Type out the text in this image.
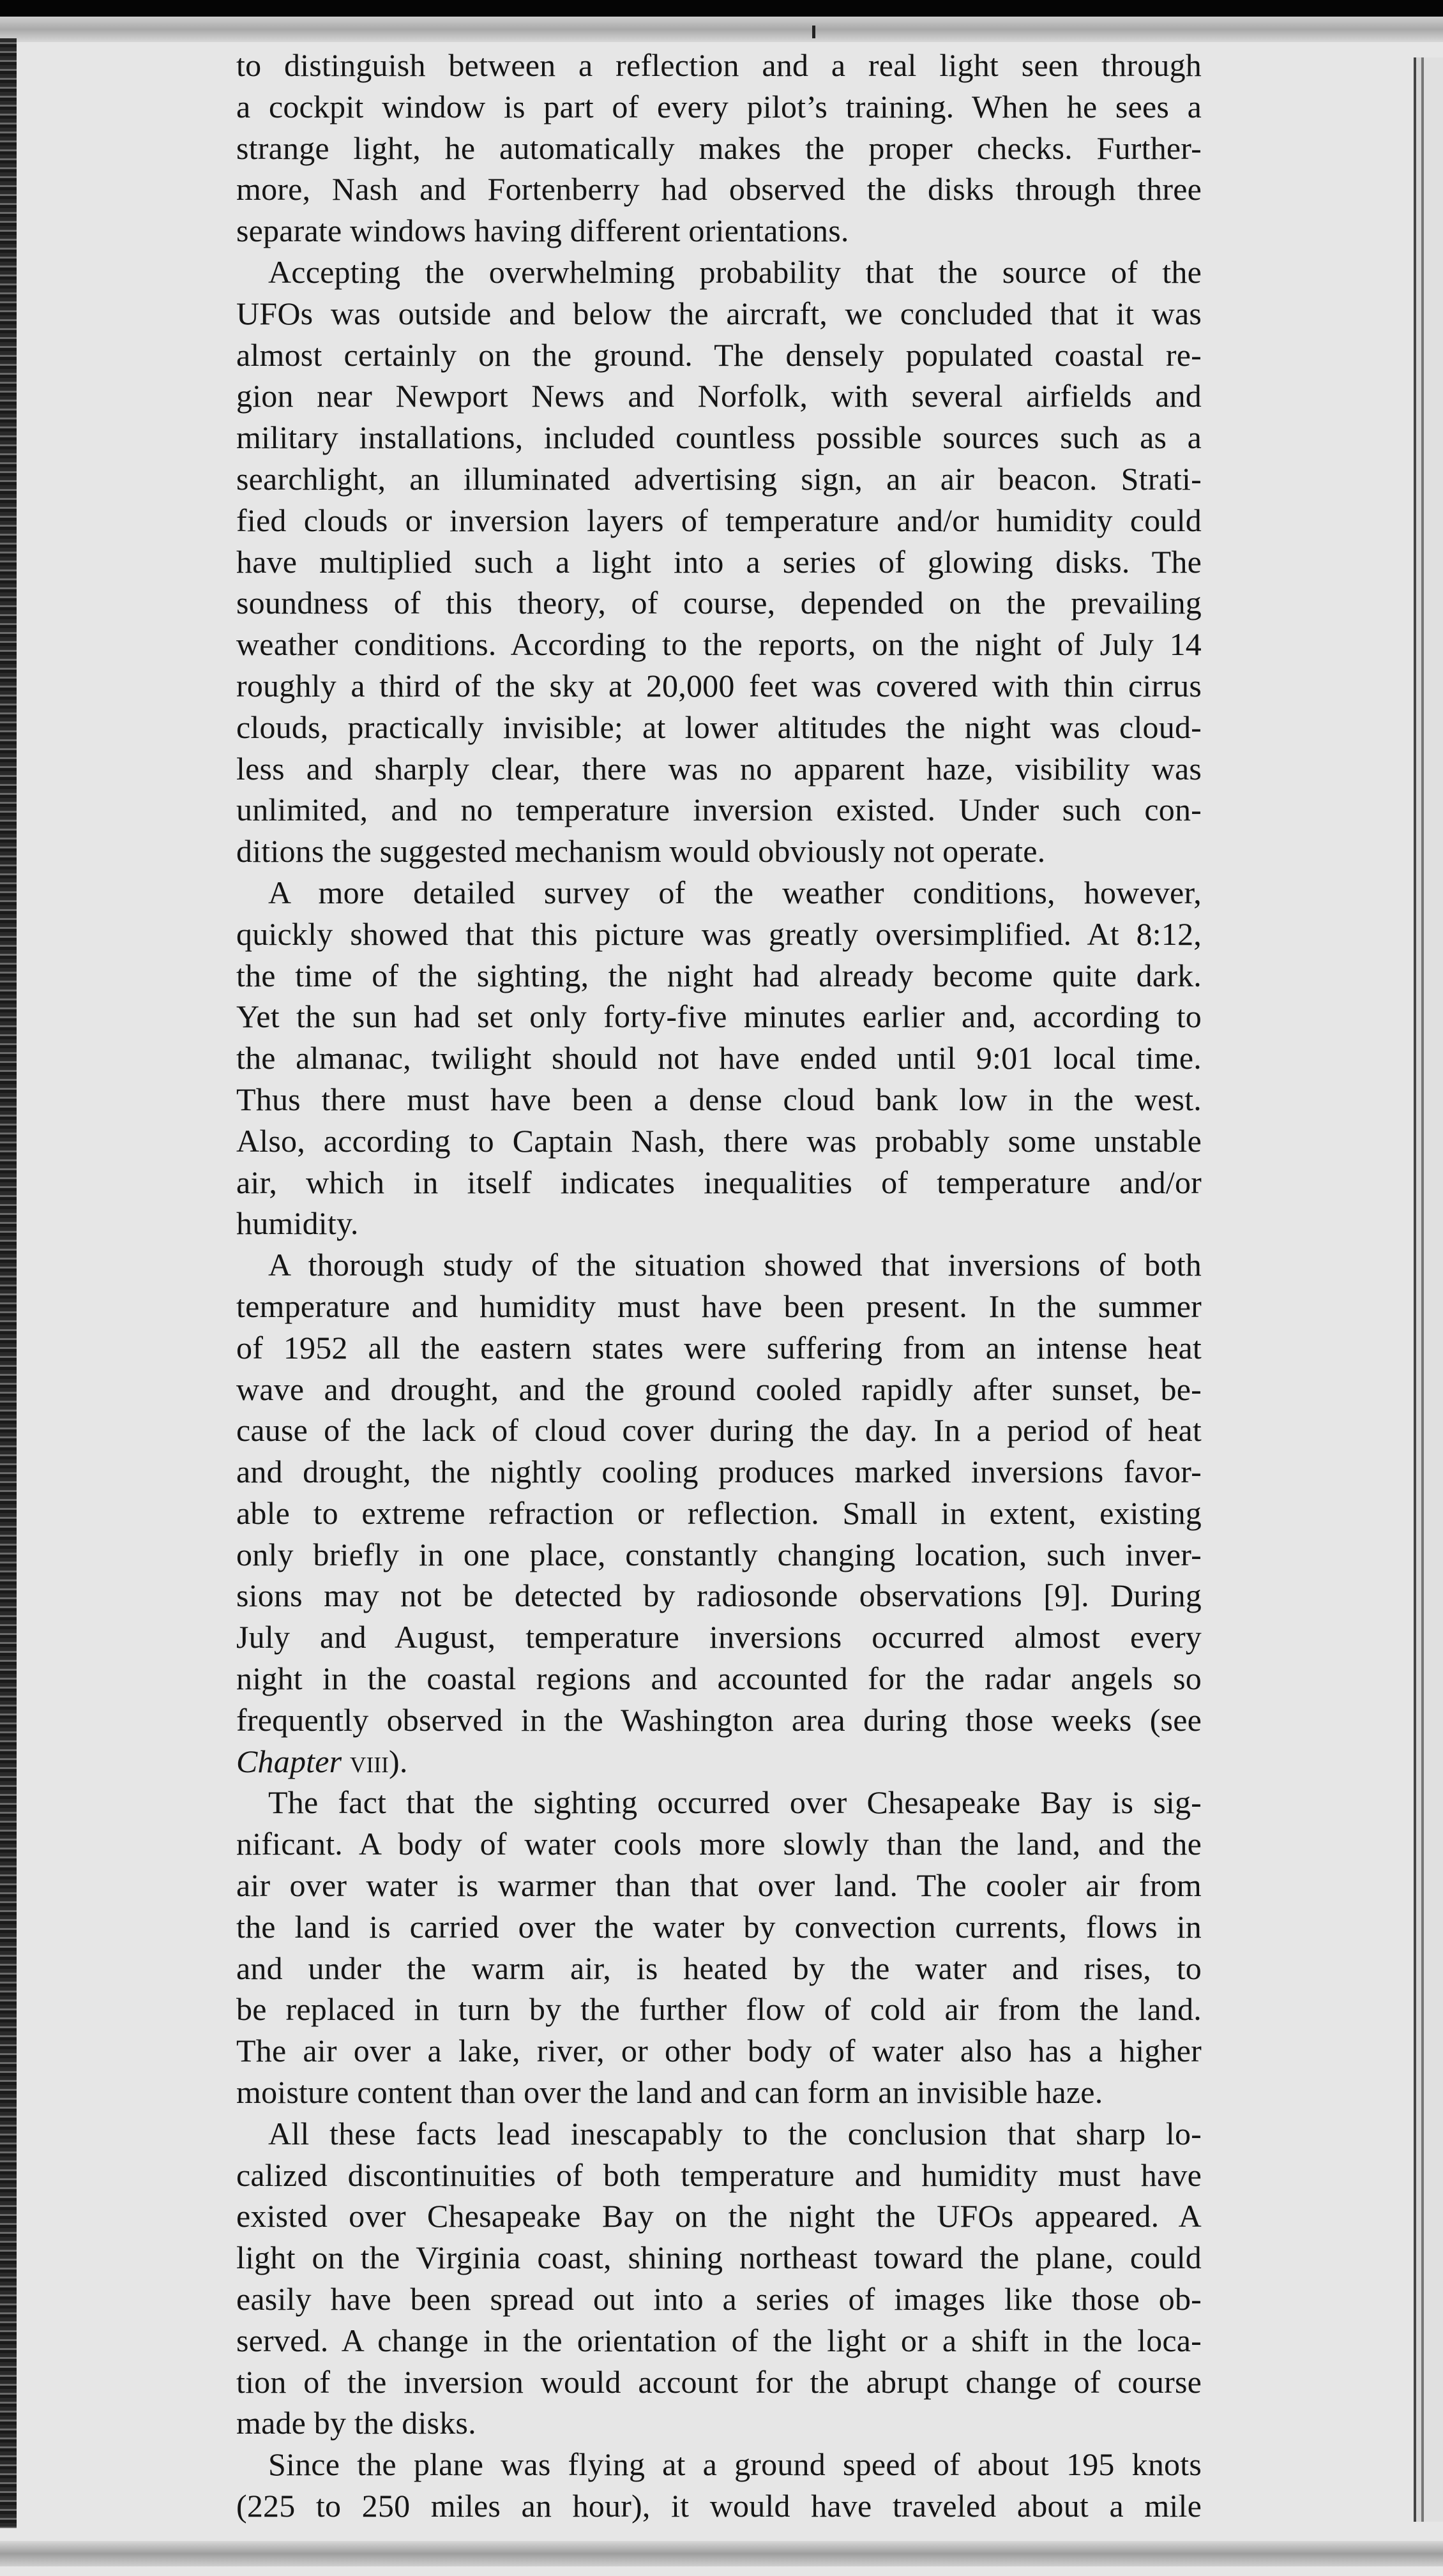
to distinguish between a reflection and a real light seen through
a cockpit window is part of every pilot’s training. When he sees a
strange light, he automatically makes the proper checks. Further-
more, Nash and Fortenberry had observed the disks through three
separate windows having different orientations.
Accepting the overwhelming probability that the source of the
UFOs was outside and below the aircraft, we concluded that it was
almost certainly on the ground. The densely populated coastal re-
gion near Newport News and Norfolk, with several airfields and
military installations, included countless possible sources such as a
searchlight, an illuminated advertising sign, an air beacon. Strati-
fied clouds or inversion layers of temperature and/or humidity could
have multiplied such a light into a series of glowing disks. The
soundness of this theory, of course, depended on the prevailing
weather conditions. According to the reports, on the night of July 14
roughly a third of the sky at 20,000 feet was covered with thin cirrus
clouds, practically invisible; at lower altitudes the night was cloud-
less and sharply clear, there was no apparent haze, visibility was
unlimited, and no temperature inversion existed. Under such con-
ditions the suggested mechanism would obviously not operate.
A more detailed survey of the weather conditions, however,
quickly showed that this picture was greatly oversimplified. At 8:12,
the time of the sighting, the night had already become quite dark.
Yet the sun had set only forty-five minutes earlier and, according to
the almanac, twilight should not have ended until 9:01 local time.
Thus there must have been a dense cloud bank low in the west.
Also, according to Captain Nash, there was probably some unstable
air, which in itself indicates inequalities of temperature and/or
humidity.
A thorough study of the situation showed that inversions of both
temperature and humidity must have been present. In the summer
of 1952 all the eastern states were suffering from an intense heat
wave and drought, and the ground cooled rapidly after sunset, be-
cause of the lack of cloud cover during the day. In a period of heat
and drought, the nightly cooling produces marked inversions favor-
able to extreme refraction or reflection. Small in extent, existing
only briefly in one place, constantly changing location, such inver-
sions may not be detected by radiosonde observations [9]. During
July and August, temperature inversions occurred almost every
night in the coastal regions and accounted for the radar angels so
frequently observed in the Washington area during those weeks (see
Chapter viii).
The fact that the sighting occurred over Chesapeake Bay is sig-
nificant. A body of water cools more slowly than the land, and the
air over water is warmer than that over land. The cooler air from
the land is carried over the water by convection currents, flows in
and under the warm air, is heated by the water and rises, to
be replaced in turn by the further flow of cold air from the land.
The air over a lake, river, or other body of water also has a higher
moisture content than over the land and can form an invisible haze.
All these facts lead inescapably to the conclusion that sharp lo-
calized discontinuities of both temperature and humidity must have
existed over Chesapeake Bay on the night the UFOs appeared. A
light on the Virginia coast, shining northeast toward the plane, could
easily have been spread out into a series of images like those ob-
served. A change in the orientation of the light or a shift in the loca-
tion of the inversion would account for the abrupt change of course
made by the disks.
Since the plane was flying at a ground speed of about 195 knots
(225 to 250 miles an hour), it would have traveled about a mile
